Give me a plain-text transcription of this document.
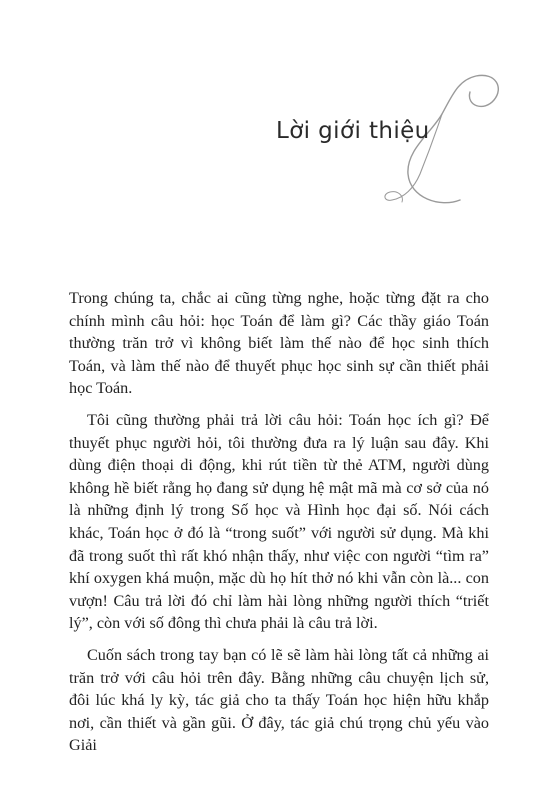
Lời giới thiệu

Trong chúng ta, chắc ai cũng từng nghe, hoặc từng đặt ra cho chính mình câu hỏi: học Toán để làm gì? Các thầy giáo Toán thường trăn trở vì không biết làm thế nào để học sinh thích Toán, và làm thế nào để thuyết phục học sinh sự cần thiết phải học Toán.

Tôi cũng thường phải trả lời câu hỏi: Toán học ích gì? Để thuyết phục người hỏi, tôi thường đưa ra lý luận sau đây. Khi dùng điện thoại di động, khi rút tiền từ thẻ ATM, người dùng không hề biết rằng họ đang sử dụng hệ mật mã mà cơ sở của nó là những định lý trong Số học và Hình học đại số. Nói cách khác, Toán học ở đó là “trong suốt” với người sử dụng. Mà khi đã trong suốt thì rất khó nhận thấy, như việc con người “tìm ra” khí oxygen khá muộn, mặc dù họ hít thở nó khi vẫn còn là... con vượn! Câu trả lời đó chỉ làm hài lòng những người thích “triết lý”, còn với số đông thì chưa phải là câu trả lời.

Cuốn sách trong tay bạn có lẽ sẽ làm hài lòng tất cả những ai trăn trở với câu hỏi trên đây. Bằng những câu chuyện lịch sử, đôi lúc khá ly kỳ, tác giả cho ta thấy Toán học hiện hữu khắp nơi, cần thiết và gần gũi. Ở đây, tác giả chú trọng chủ yếu vào Giải
